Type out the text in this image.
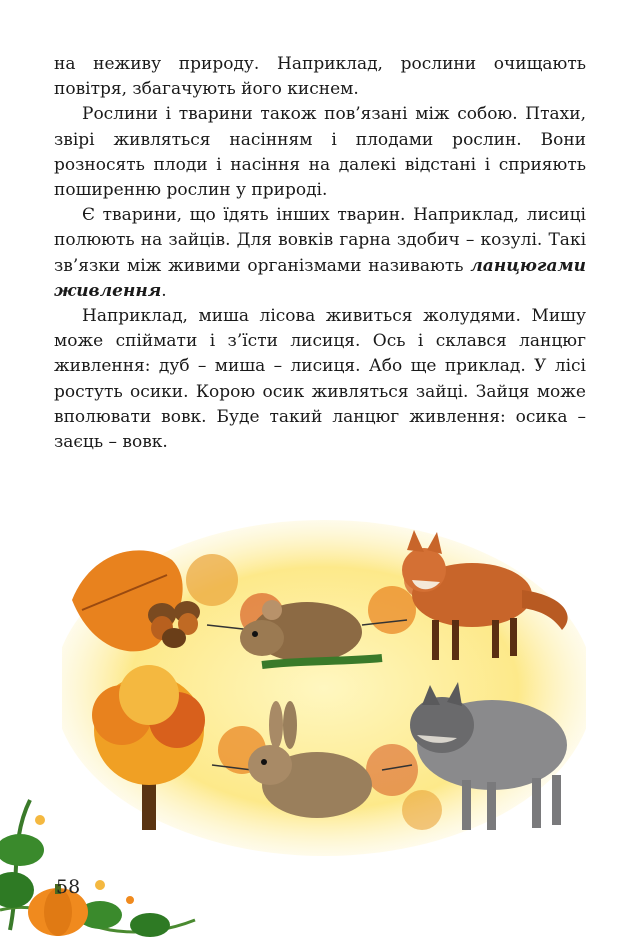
на неживу природу. Наприклад, рослини очищають повітря, збагачують його киснем.

Рослини і тварини також пов’язані між собою. Птахи, звірі живляться насінням і плодами рослин. Вони розносять плоди і насіння на далекі відстані і сприяють поширенню рослин у природі.

Є тварини, що їдять інших тварин. Наприклад, лисиці полюють на зайців. Для вовків гарна здобич – козулі. Такі зв’язки між живими організмами називають ланцюгами живлення.

Наприклад, миша лісова живиться жолудями. Мишу може спіймати і з’їсти лисиця. Ось і склався ланцюг живлення: дуб – миша – лисиця. Або ще приклад. У лісі ростуть осики. Корою осик живляться зайці. Зайця може вполювати вовк. Буде такий ланцюг живлення: осика – заєць – вовк.

58
